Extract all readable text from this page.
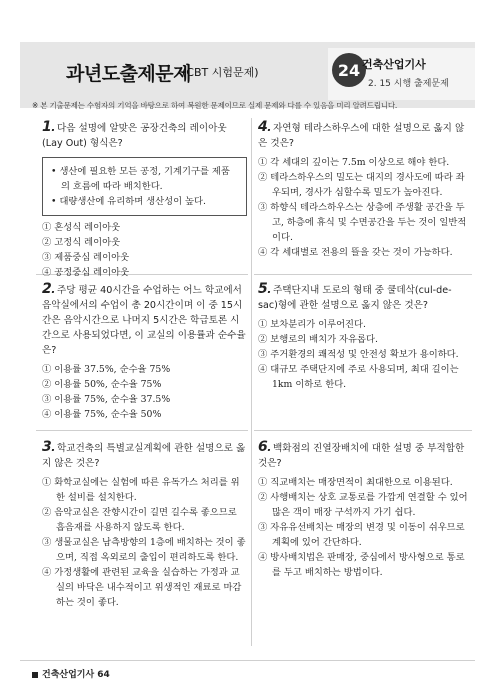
과년도출제문제
(CBT 시험문제)	24 건축산업기사
2. 15 시행 출제문제
※ 본 기출문제는 수험자의 기억을 바탕으로 하여 복원한 문제이므로 실제 문제와 다를 수 있음을 미리 알려드립니다.
1. 다음 설명에 알맞은 공장건축의 레이아웃(Lay Out) 형식은?
• 생산에 필요한 모든 공정, 기계기구를 제품의 흐름에 따라 배치한다.
• 대량생산에 유리하며 생산성이 높다.
① 혼성식 레이아웃
② 고정식 레이아웃
③ 제품중심 레이아웃
④ 공정중심 레이아웃
2. 주당 평균 40시간을 수업하는 어느 학교에서 음악실에서의 수업이 총 20시간이며 이 중 15시간은 음악시간으로 나머지 5시간은 학급토론 시간으로 사용되었다면, 이 교실의 이용률과 순수율은?
① 이용률 37.5%, 순수율 75%
② 이용률 50%, 순수율 75%
③ 이용률 75%, 순수율 37.5%
④ 이용률 75%, 순수율 50%
3. 학교건축의 특별교실계획에 관한 설명으로 옳지 않은 것은?
① 화학교실에는 실험에 따른 유독가스 처리를 위한 설비를 설치한다.
② 음악교실은 잔향시간이 길면 길수록 좋으므로 흡음재를 사용하지 않도록 한다.
③ 생물교실은 남측방향의 1층에 배치하는 것이 좋으며, 직접 옥외로의 출입이 편리하도록 한다.
④ 가정생활에 관련된 교육을 실습하는 가정과 교실의 바닥은 내수적이고 위생적인 재료로 마감하는 것이 좋다.
4. 자연형 테라스하우스에 대한 설명으로 옳지 않은 것은?
① 각 세대의 깊이는 7.5m 이상으로 해야 한다.
② 테라스하우스의 밀도는 대지의 경사도에 따라 좌우되며, 경사가 심할수록 밀도가 높아진다.
③ 하향식 테라스하우스는 상층에 주생활 공간을 두고, 하층에 휴식 및 수면공간을 두는 것이 일반적이다.
④ 각 세대별로 전용의 뜰을 갖는 것이 가능하다.
5. 주택단지내 도로의 형태 중 쿨데삭(cul-de-sac)형에 관한 설명으로 옳지 않은 것은?
① 보차분리가 이루어진다.
② 보행로의 배치가 자유롭다.
③ 주거환경의 쾌적성 및 안전성 확보가 용이하다.
④ 대규모 주택단지에 주로 사용되며, 최대 길이는 1km 이하로 한다.
6. 백화점의 진열장배치에 대한 설명 중 부적합한 것은?
① 직교배치는 매장면적이 최대한으로 이용된다.
② 사행배치는 상호 교통로를 가깝게 연결할 수 있어 많은 객이 매장 구석까지 가기 쉽다.
③ 자유유선배치는 매장의 변경 및 이동이 쉬우므로 계획에 있어 간단하다.
④ 방사배치법은 판매장, 중심에서 방사형으로 통로를 두고 배치하는 방법이다.
건축산업기사 64
